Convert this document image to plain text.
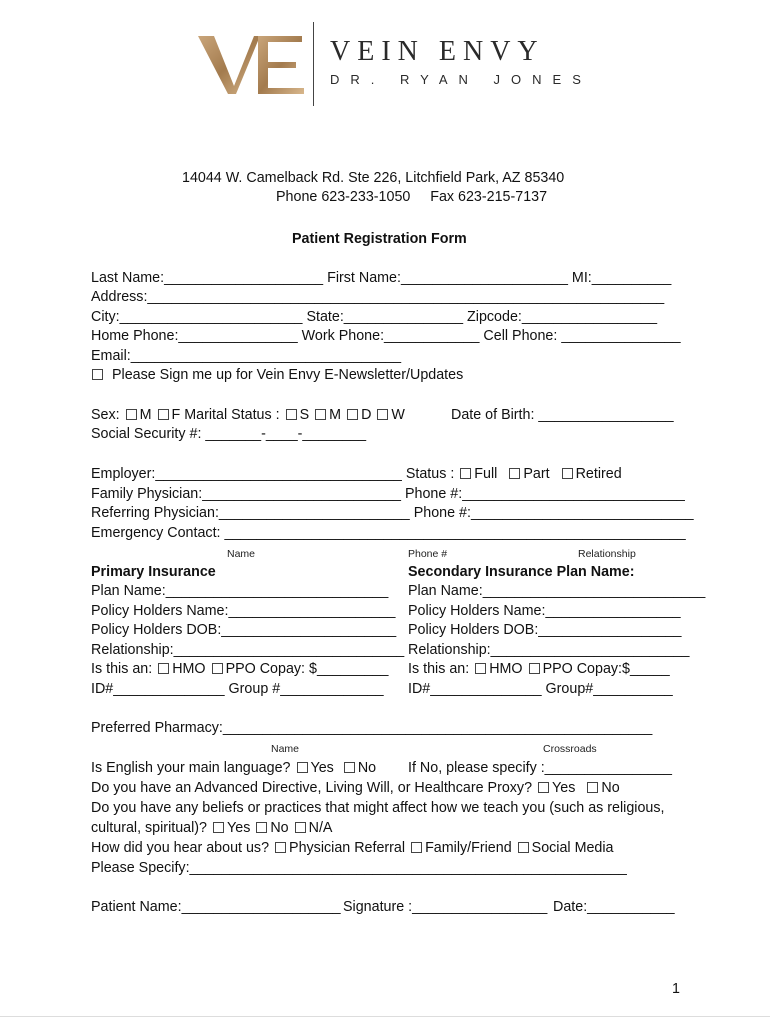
VEIN ENVY
DR. RYAN JONES
14044 W. Camelback Rd. Ste 226, Litchfield Park, AZ 85340
Phone 623-233-1050     Fax 623-215-7137
Patient Registration Form
Last Name:____________________ First Name:_____________________ MI:__________
Address:_________________________________________________________________
City:_______________________ State:_______________ Zipcode:_________________
Home Phone:_______________ Work Phone:____________ Cell Phone: _______________
Email:__________________________________
Please Sign me up for Vein Envy E-Newsletter/Updates
Sex: M F Marital Status : S M D W	Date of Birth: _________________
Social Security #: _______-____-________
Employer:_______________________________ Status : Full Part Retired
Family Physician:_________________________ Phone #:____________________________
Referring Physician:________________________ Phone #:____________________________
Emergency Contact: __________________________________________________________
Name	Phone #	Relationship
Primary Insurance
Plan Name:____________________________
Policy Holders Name:_____________________
Policy Holders DOB:______________________
Relationship:_____________________________
Is this an: HMO PPO Copay: $_________
ID#______________ Group #_____________
Secondary Insurance Plan Name:
Plan Name:____________________________
Policy Holders Name:_________________
Policy Holders DOB:__________________
Relationship:_________________________
Is this an: HMO PPO Copay:$_____
ID#______________ Group#__________
Preferred Pharmacy:______________________________________________________
Name	Crossroads
Is English your main language? Yes No	If No, please specify :________________
Do you have an Advanced Directive, Living Will, or Healthcare Proxy? Yes No
Do you have any beliefs or practices that might affect how we teach you (such as religious,
cultural, spiritual)? Yes No N/A
How did you hear about us? Physician Referral Family/Friend Social Media
Please Specify:_______________________________________________________
Patient Name:____________________ Signature :_________________ Date:___________
1
